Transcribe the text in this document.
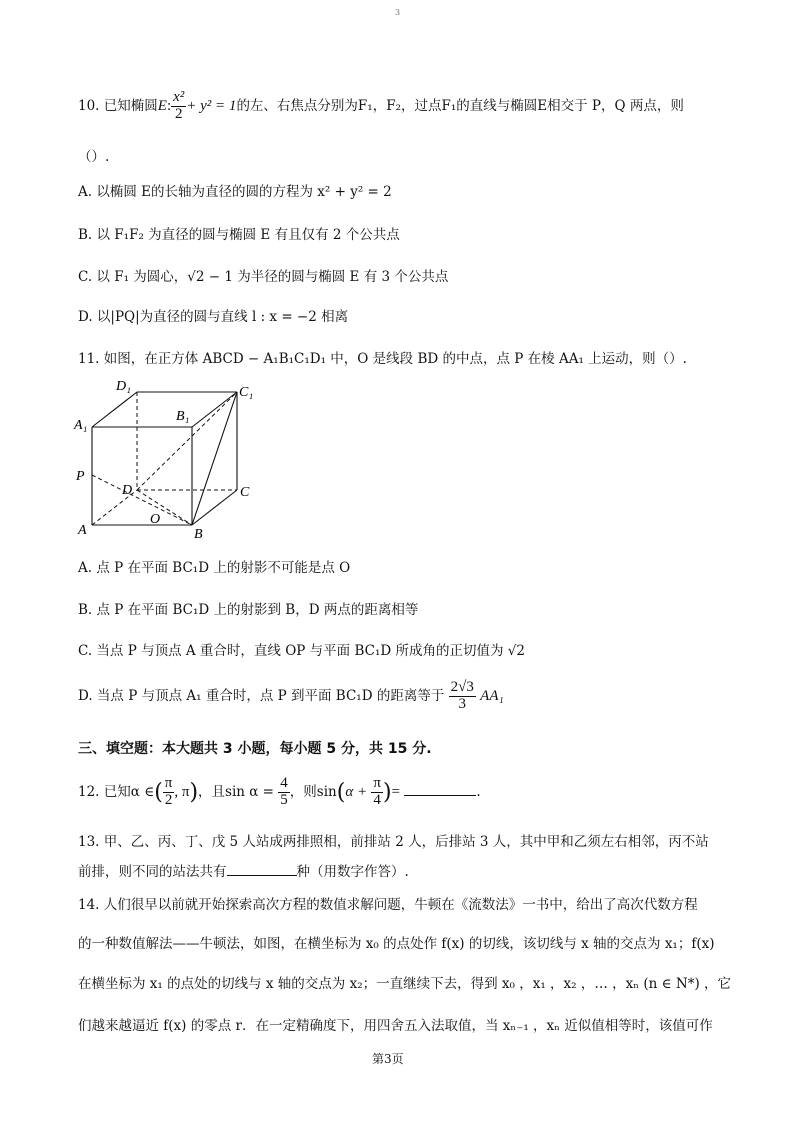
3
10. 已知椭圆E: $\frac{\text{x²}}{2} + y^2 = 1$的左、右焦点分别为F₁，F₂，过点F₁的直线与椭圆E相交于 P，Q 两点，则
（）.
A. 以椭圆 E的长轴为直径的圆的方程为 x² + y² = 2
B. 以 F₁F₂ 为直径的圆与椭圆 E 有且仅有 2 个公共点
C. 以 F₁ 为圆心，√2 − 1 为半径的圆与椭圆 E 有 3 个公共点
D. 以|PQ|为直径的圆与直线 l : x = −2 相离
11. 如图，在正方体 ABCD − A₁B₁C₁D₁ 中，O 是线段 BD 的中点，点 P 在棱 AA₁ 上运动，则（）.
D₁	C₁
A₁
B₁
P
D	C
O
A	B
A. 点 P 在平面 BC₁D 上的射影不可能是点 O
B. 点 P 在平面 BC₁D 上的射影到 B，D 两点的距离相等
C. 当点 P 与顶点 A 重合时，直线 OP 与平面 BC₁D 所成角的正切值为 √2
D. 当点 P 与顶点 A₁ 重合时，点 P 到平面 BC₁D 的距离等于 $\frac{2√3}{3} AA_1$
三、填空题：本大题共 3 小题，每小题 5 分，共 15 分.
12. 已知α ∈( $\frac{\pi}{2}$ , π)，且$\sin \alpha = \frac{4}{5}$ ，则$\sin(\alpha + \frac{\pi}{4}$ )=	.
13. 甲、乙、丙、丁、戊 5 人站成两排照相，前排站 2 人，后排站 3 人，其中甲和乙须左右相邻，丙不站
前排，则不同的站法共有	种（用数字作答）.
14. 人们很早以前就开始探索高次方程的数值求解问题，牛顿在《流数法》一书中，给出了高次代数方程
的一种数值解法——牛顿法，如图，在横坐标为 x₀ 的点处作 f(x) 的切线，该切线与 x 轴的交点为 x₁；f(x)
在横坐标为 x₁ 的点处的切线与 x 轴的交点为 x₂；一直继续下去，得到 x₀ ，x₁ ，x₂ ，… ，xₙ (n ∈ N*) ，它
们越来越逼近 f(x) 的零点 r．在一定精确度下，用四舍五入法取值，当 xₙ₋₁ ，xₙ 近似值相等时，该值可作
第3页
